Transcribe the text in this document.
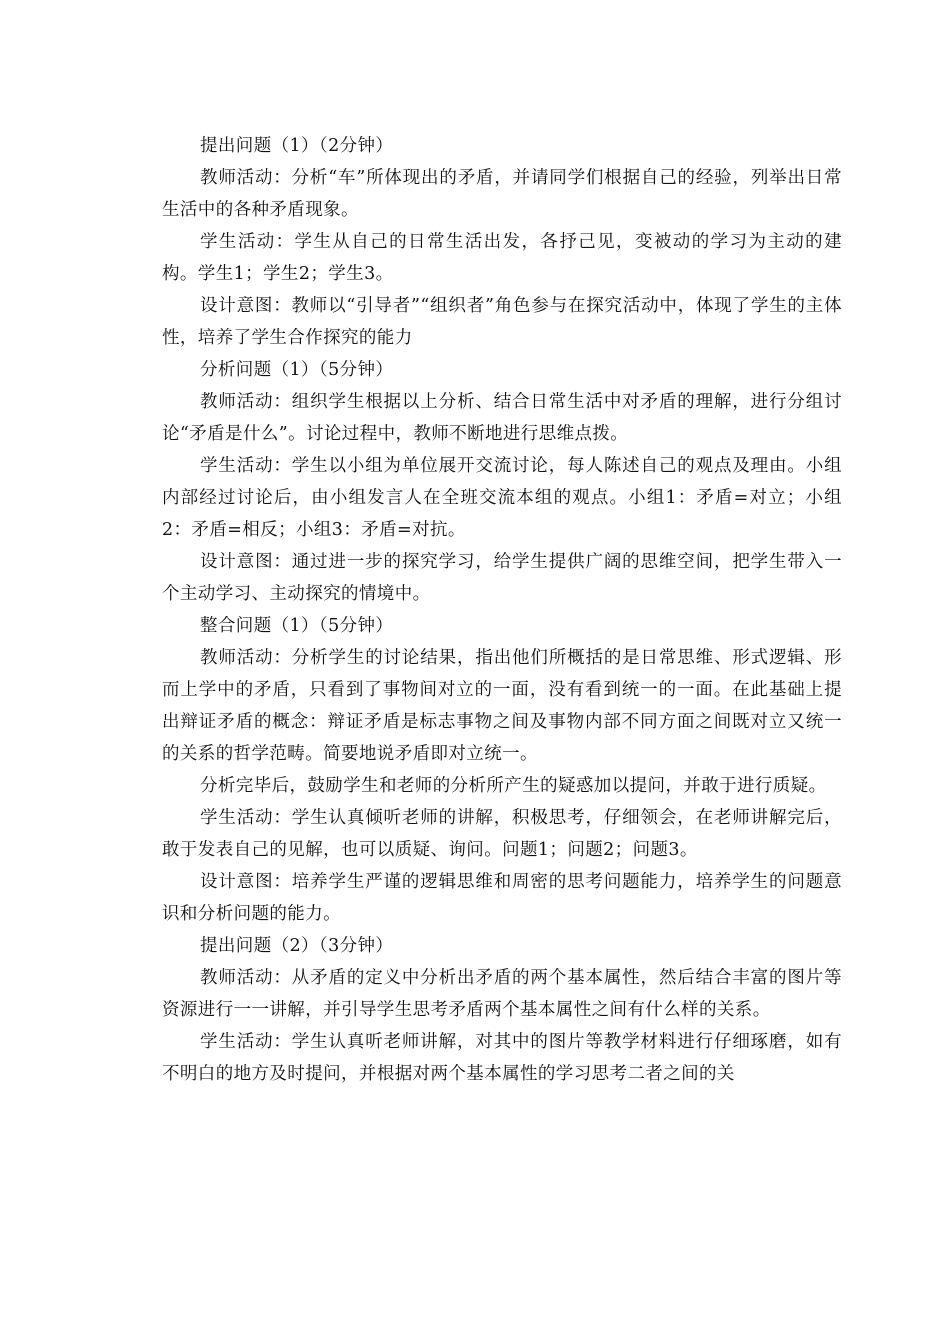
提出问题（1）（2分钟）

教师活动：分析“车”所体现出的矛盾，并请同学们根据自己的经验，列举出日常生活中的各种矛盾现象。

学生活动：学生从自己的日常生活出发，各抒己见，变被动的学习为主动的建构。学生1；学生2；学生3。

设计意图：教师以“引导者”“组织者”角色参与在探究活动中，体现了学生的主体性，培养了学生合作探究的能力

分析问题（1）（5分钟）

教师活动：组织学生根据以上分析、结合日常生活中对矛盾的理解，进行分组讨论“矛盾是什么”。讨论过程中，教师不断地进行思维点拨。

学生活动：学生以小组为单位展开交流讨论，每人陈述自己的观点及理由。小组内部经过讨论后，由小组发言人在全班交流本组的观点。小组1：矛盾=对立；小组2：矛盾=相反；小组3：矛盾=对抗。

设计意图：通过进一步的探究学习，给学生提供广阔的思维空间，把学生带入一个主动学习、主动探究的情境中。

整合问题（1）（5分钟）

教师活动：分析学生的讨论结果，指出他们所概括的是日常思维、形式逻辑、形而上学中的矛盾，只看到了事物间对立的一面，没有看到统一的一面。在此基础上提出辩证矛盾的概念：辩证矛盾是标志事物之间及事物内部不同方面之间既对立又统一的关系的哲学范畴。简要地说矛盾即对立统一。

分析完毕后，鼓励学生和老师的分析所产生的疑惑加以提问，并敢于进行质疑。

学生活动：学生认真倾听老师的讲解，积极思考，仔细领会，在老师讲解完后，敢于发表自己的见解，也可以质疑、询问。问题1；问题2；问题3。

设计意图：培养学生严谨的逻辑思维和周密的思考问题能力，培养学生的问题意识和分析问题的能力。

提出问题（2）（3分钟）

教师活动：从矛盾的定义中分析出矛盾的两个基本属性，然后结合丰富的图片等资源进行一一讲解，并引导学生思考矛盾两个基本属性之间有什么样的关系。

学生活动：学生认真听老师讲解，对其中的图片等教学材料进行仔细琢磨，如有不明白的地方及时提问，并根据对两个基本属性的学习思考二者之间的关
